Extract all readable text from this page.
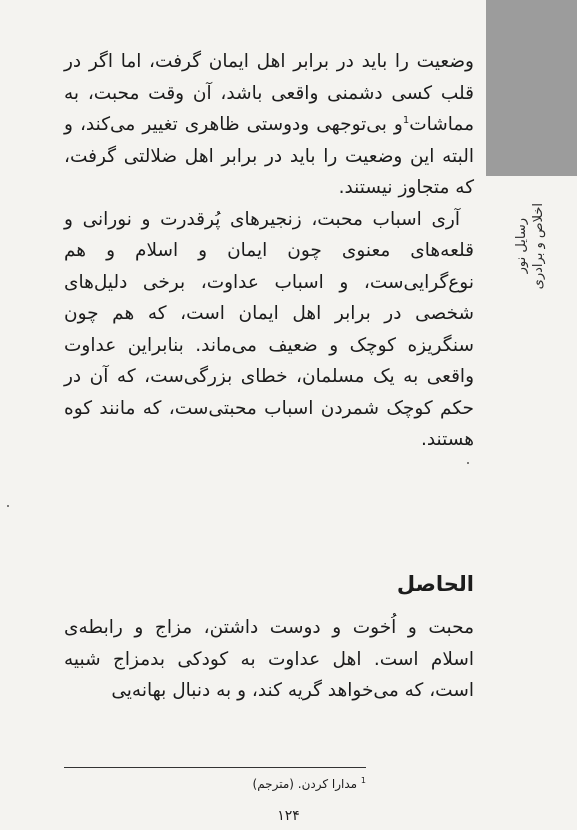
اخلاص و برادری
رسایل نور

وضعیت را باید در برابر اهل ایمان گرفت، اما اگر در قلب کسی دشمنی واقعی باشد، آن وقت محبت، به مماشات$^1$و بی‌توجهی ودوستی ظاهری تغییر می‌کند، و البته این وضعیت را باید در برابر اهل ضلالتی گرفت، که متجاوز نیستند.

آری اسباب محبت، زنجیرهای پُرقدرت و نورانی و قلعه‌های معنوی چون ایمان و اسلام و هم نوع‌گرایی‌ست، و اسباب عداوت، برخی دلیل‌های شخصی در برابر اهل ایمان است، که هم چون سنگریزه کوچک و ضعیف می‌ماند. بنابراین عداوت واقعی به یک مسلمان، خطای بزرگی‌ست، که آن در حکم کوچک شمردن اسباب محبتی‌ست، که مانند کوه هستند.

الحاصل
محبت و اُخوت و دوست داشتن، مزاج و رابطه‌ی اسلام است. اهل عداوت به کودکی بدمزاج شبیه است، که می‌خواهد گریه کند، و به دنبال بهانه‌یی
$^1$ مدارا کردن. (مترجم)
۱۲۴
